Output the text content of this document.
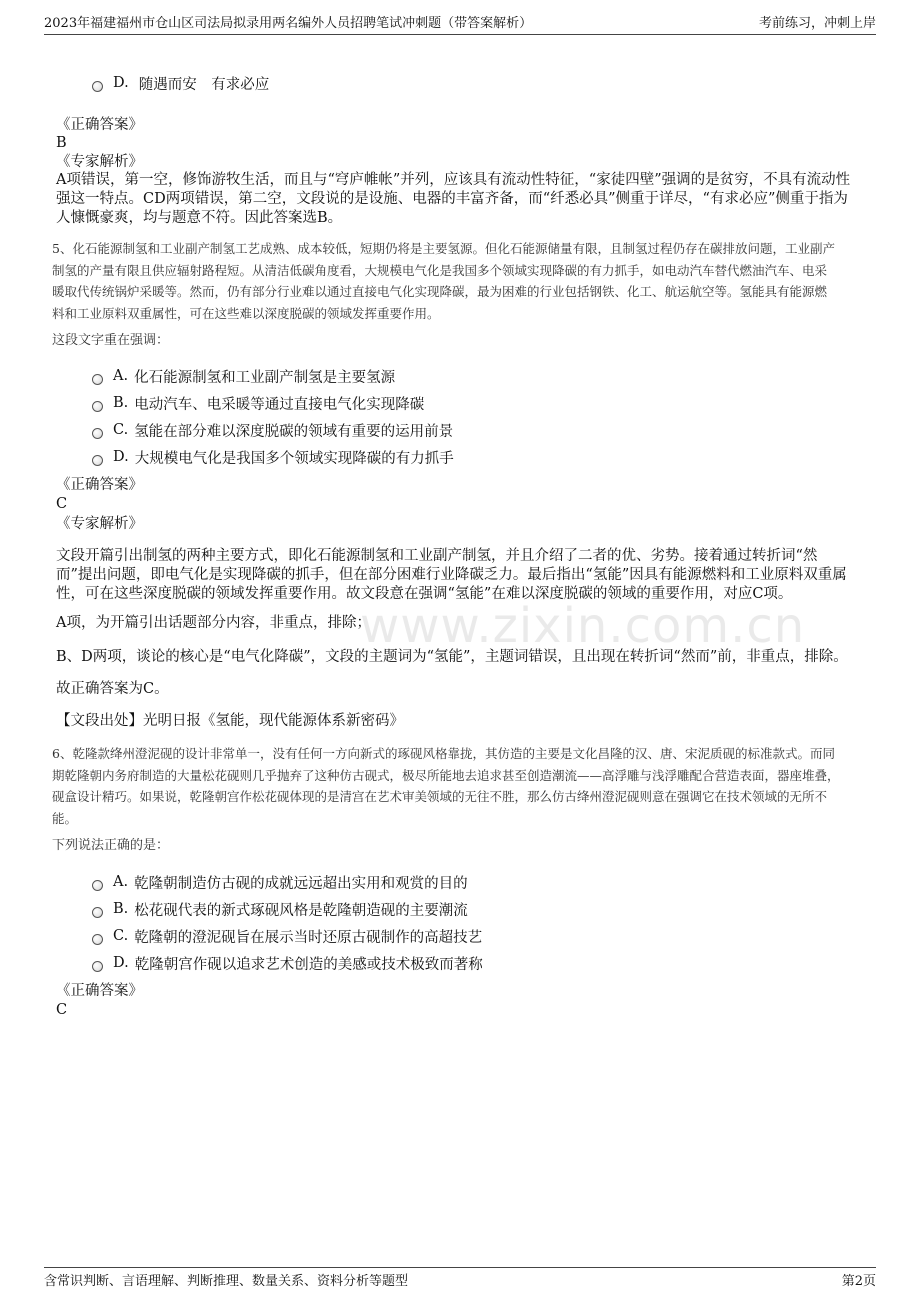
2023年福建福州市仓山区司法局拟录用两名编外人员招聘笔试冲刺题（带答案解析）	考前练习，冲刺上岸
www.zixin.com.cn
D. 随遇而安　有求必应
《正确答案》
B
《专家解析》
A项错误，第一空，修饰游牧生活，而且与“穹庐帷帐”并列，应该具有流动性特征，“家徒四壁”强调的是贫穷，不具有流动性
强这一特点。CD两项错误，第二空，文段说的是设施、电器的丰富齐备，而“纤悉必具”侧重于详尽，“有求必应”侧重于指为
人慷慨豪爽，均与题意不符。因此答案选B。
5、化石能源制氢和工业副产制氢工艺成熟、成本较低，短期仍将是主要氢源。但化石能源储量有限，且制氢过程仍存在碳排放问题，工业副产
制氢的产量有限且供应辐射路程短。从清洁低碳角度看，大规模电气化是我国多个领域实现降碳的有力抓手，如电动汽车替代燃油汽车、电采
暖取代传统锅炉采暖等。然而，仍有部分行业难以通过直接电气化实现降碳，最为困难的行业包括钢铁、化工、航运航空等。氢能具有能源燃
料和工业原料双重属性，可在这些难以深度脱碳的领域发挥重要作用。
这段文字重在强调：
A. 化石能源制氢和工业副产制氢是主要氢源
B. 电动汽车、电采暖等通过直接电气化实现降碳
C. 氢能在部分难以深度脱碳的领域有重要的运用前景
D. 大规模电气化是我国多个领域实现降碳的有力抓手
《正确答案》
C
《专家解析》
文段开篇引出制氢的两种主要方式，即化石能源制氢和工业副产制氢，并且介绍了二者的优、劣势。接着通过转折词“然
而”提出问题，即电气化是实现降碳的抓手，但在部分困难行业降碳乏力。最后指出“氢能”因具有能源燃料和工业原料双重属
性，可在这些深度脱碳的领域发挥重要作用。故文段意在强调“氢能”在难以深度脱碳的领域的重要作用，对应C项。
A项，为开篇引出话题部分内容，非重点，排除；
B、D两项，谈论的核心是“电气化降碳”，文段的主题词为“氢能”，主题词错误，且出现在转折词“然而”前，非重点，排除。
故正确答案为C。
【文段出处】光明日报《氢能，现代能源体系新密码》
6、乾隆款绛州澄泥砚的设计非常单一，没有任何一方向新式的琢砚风格靠拢，其仿造的主要是文化昌隆的汉、唐、宋泥质砚的标准款式。而同
期乾隆朝内务府制造的大量松花砚则几乎抛弃了这种仿古砚式，极尽所能地去追求甚至创造潮流——高浮雕与浅浮雕配合营造表面，器座堆叠，
砚盒设计精巧。如果说，乾隆朝宫作松花砚体现的是清宫在艺术审美领域的无往不胜，那么仿古绛州澄泥砚则意在强调它在技术领域的无所不
能。
下列说法正确的是：
A. 乾隆朝制造仿古砚的成就远远超出实用和观赏的目的
B. 松花砚代表的新式琢砚风格是乾隆朝造砚的主要潮流
C. 乾隆朝的澄泥砚旨在展示当时还原古砚制作的高超技艺
D. 乾隆朝宫作砚以追求艺术创造的美感或技术极致而著称
《正确答案》
C
含常识判断、言语理解、判断推理、数量关系、资料分析等题型	第2页
